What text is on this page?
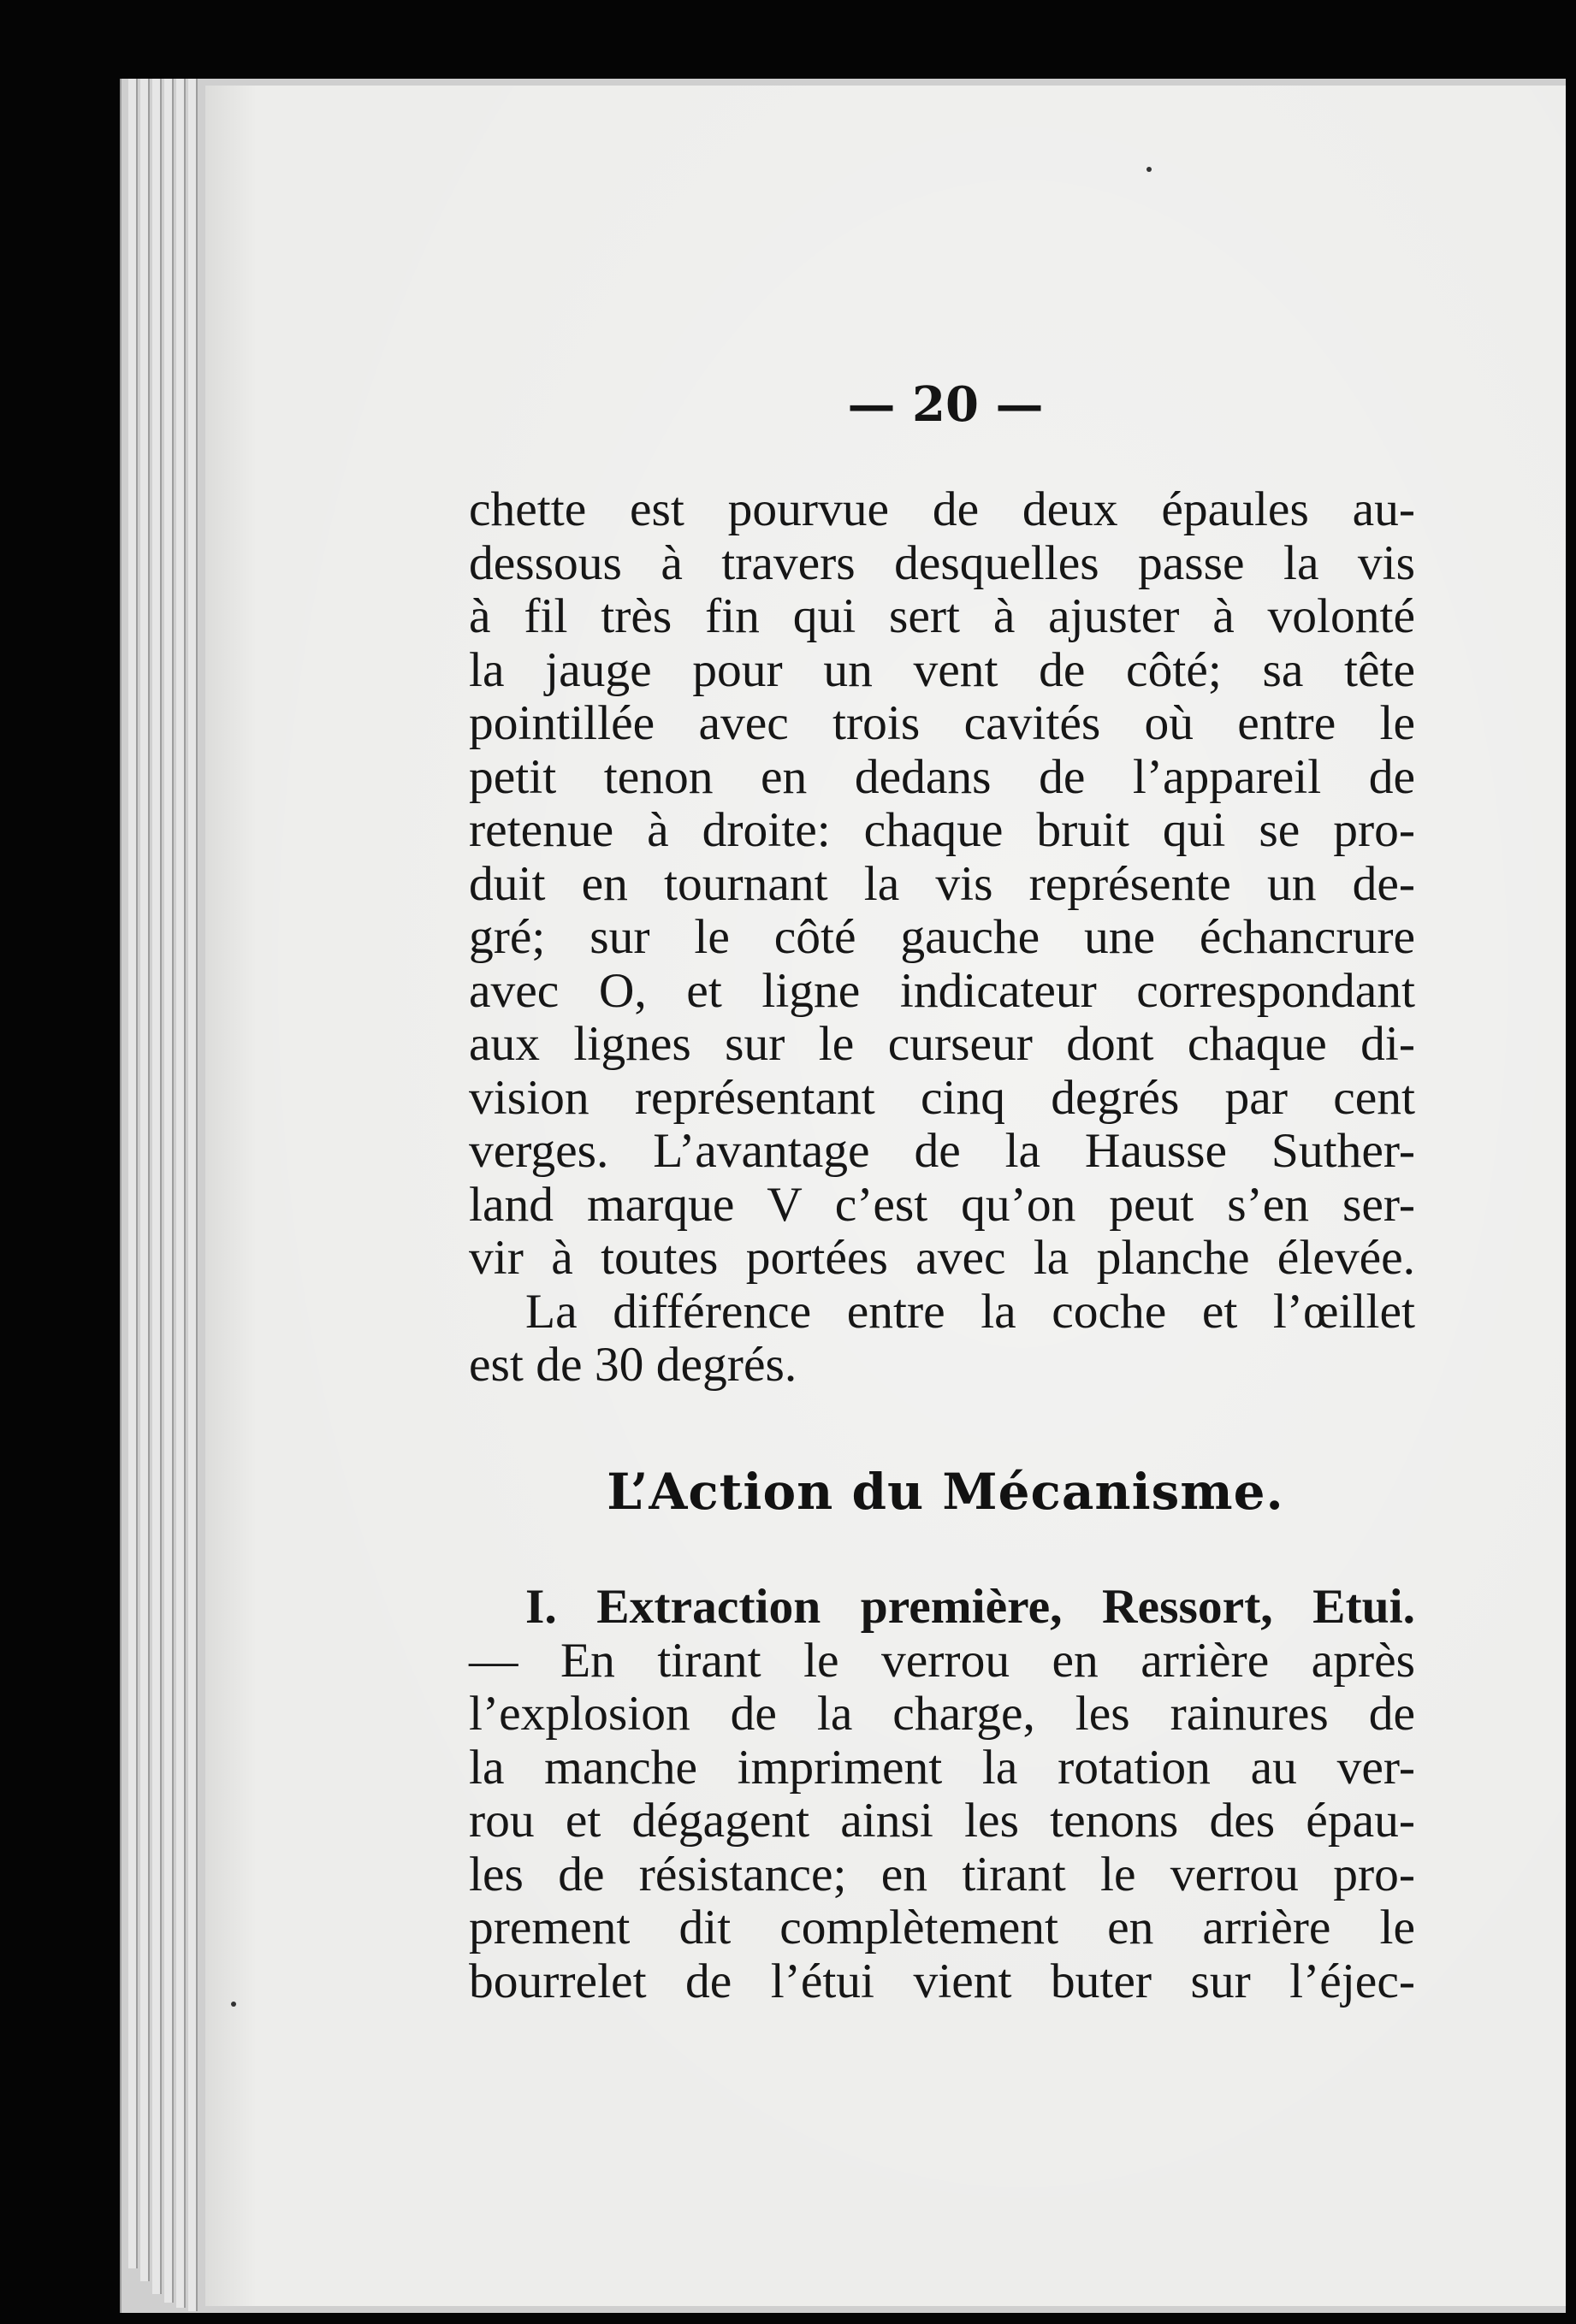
— 20 —
chette est pourvue de deux épaules au-
dessous à travers desquelles passe la vis
à fil très fin qui sert à ajuster à volonté
la jauge pour un vent de côté; sa tête
pointillée avec trois cavités où entre le
petit tenon en dedans de l’appareil de
retenue à droite: chaque bruit qui se pro-
duit en tournant la vis représente un de-
gré; sur le côté gauche une échancrure
avec O, et ligne indicateur correspondant
aux lignes sur le curseur dont chaque di-
vision représentant cinq degrés par cent
verges. L’avantage de la Hausse Suther-
land marque V c’est qu’on peut s’en ser-
vir à toutes portées avec la planche élevée.
La différence entre la coche et l’œillet
est de 30 degrés.
L’Action du Mécanisme.
I. Extraction première, Ressort, Etui.
— En tirant le verrou en arrière après
l’explosion de la charge, les rainures de
la manche impriment la rotation au ver-
rou et dégagent ainsi les tenons des épau-
les de résistance; en tirant le verrou pro-
prement dit complètement en arrière le
bourrelet de l’étui vient buter sur l’éjec-
